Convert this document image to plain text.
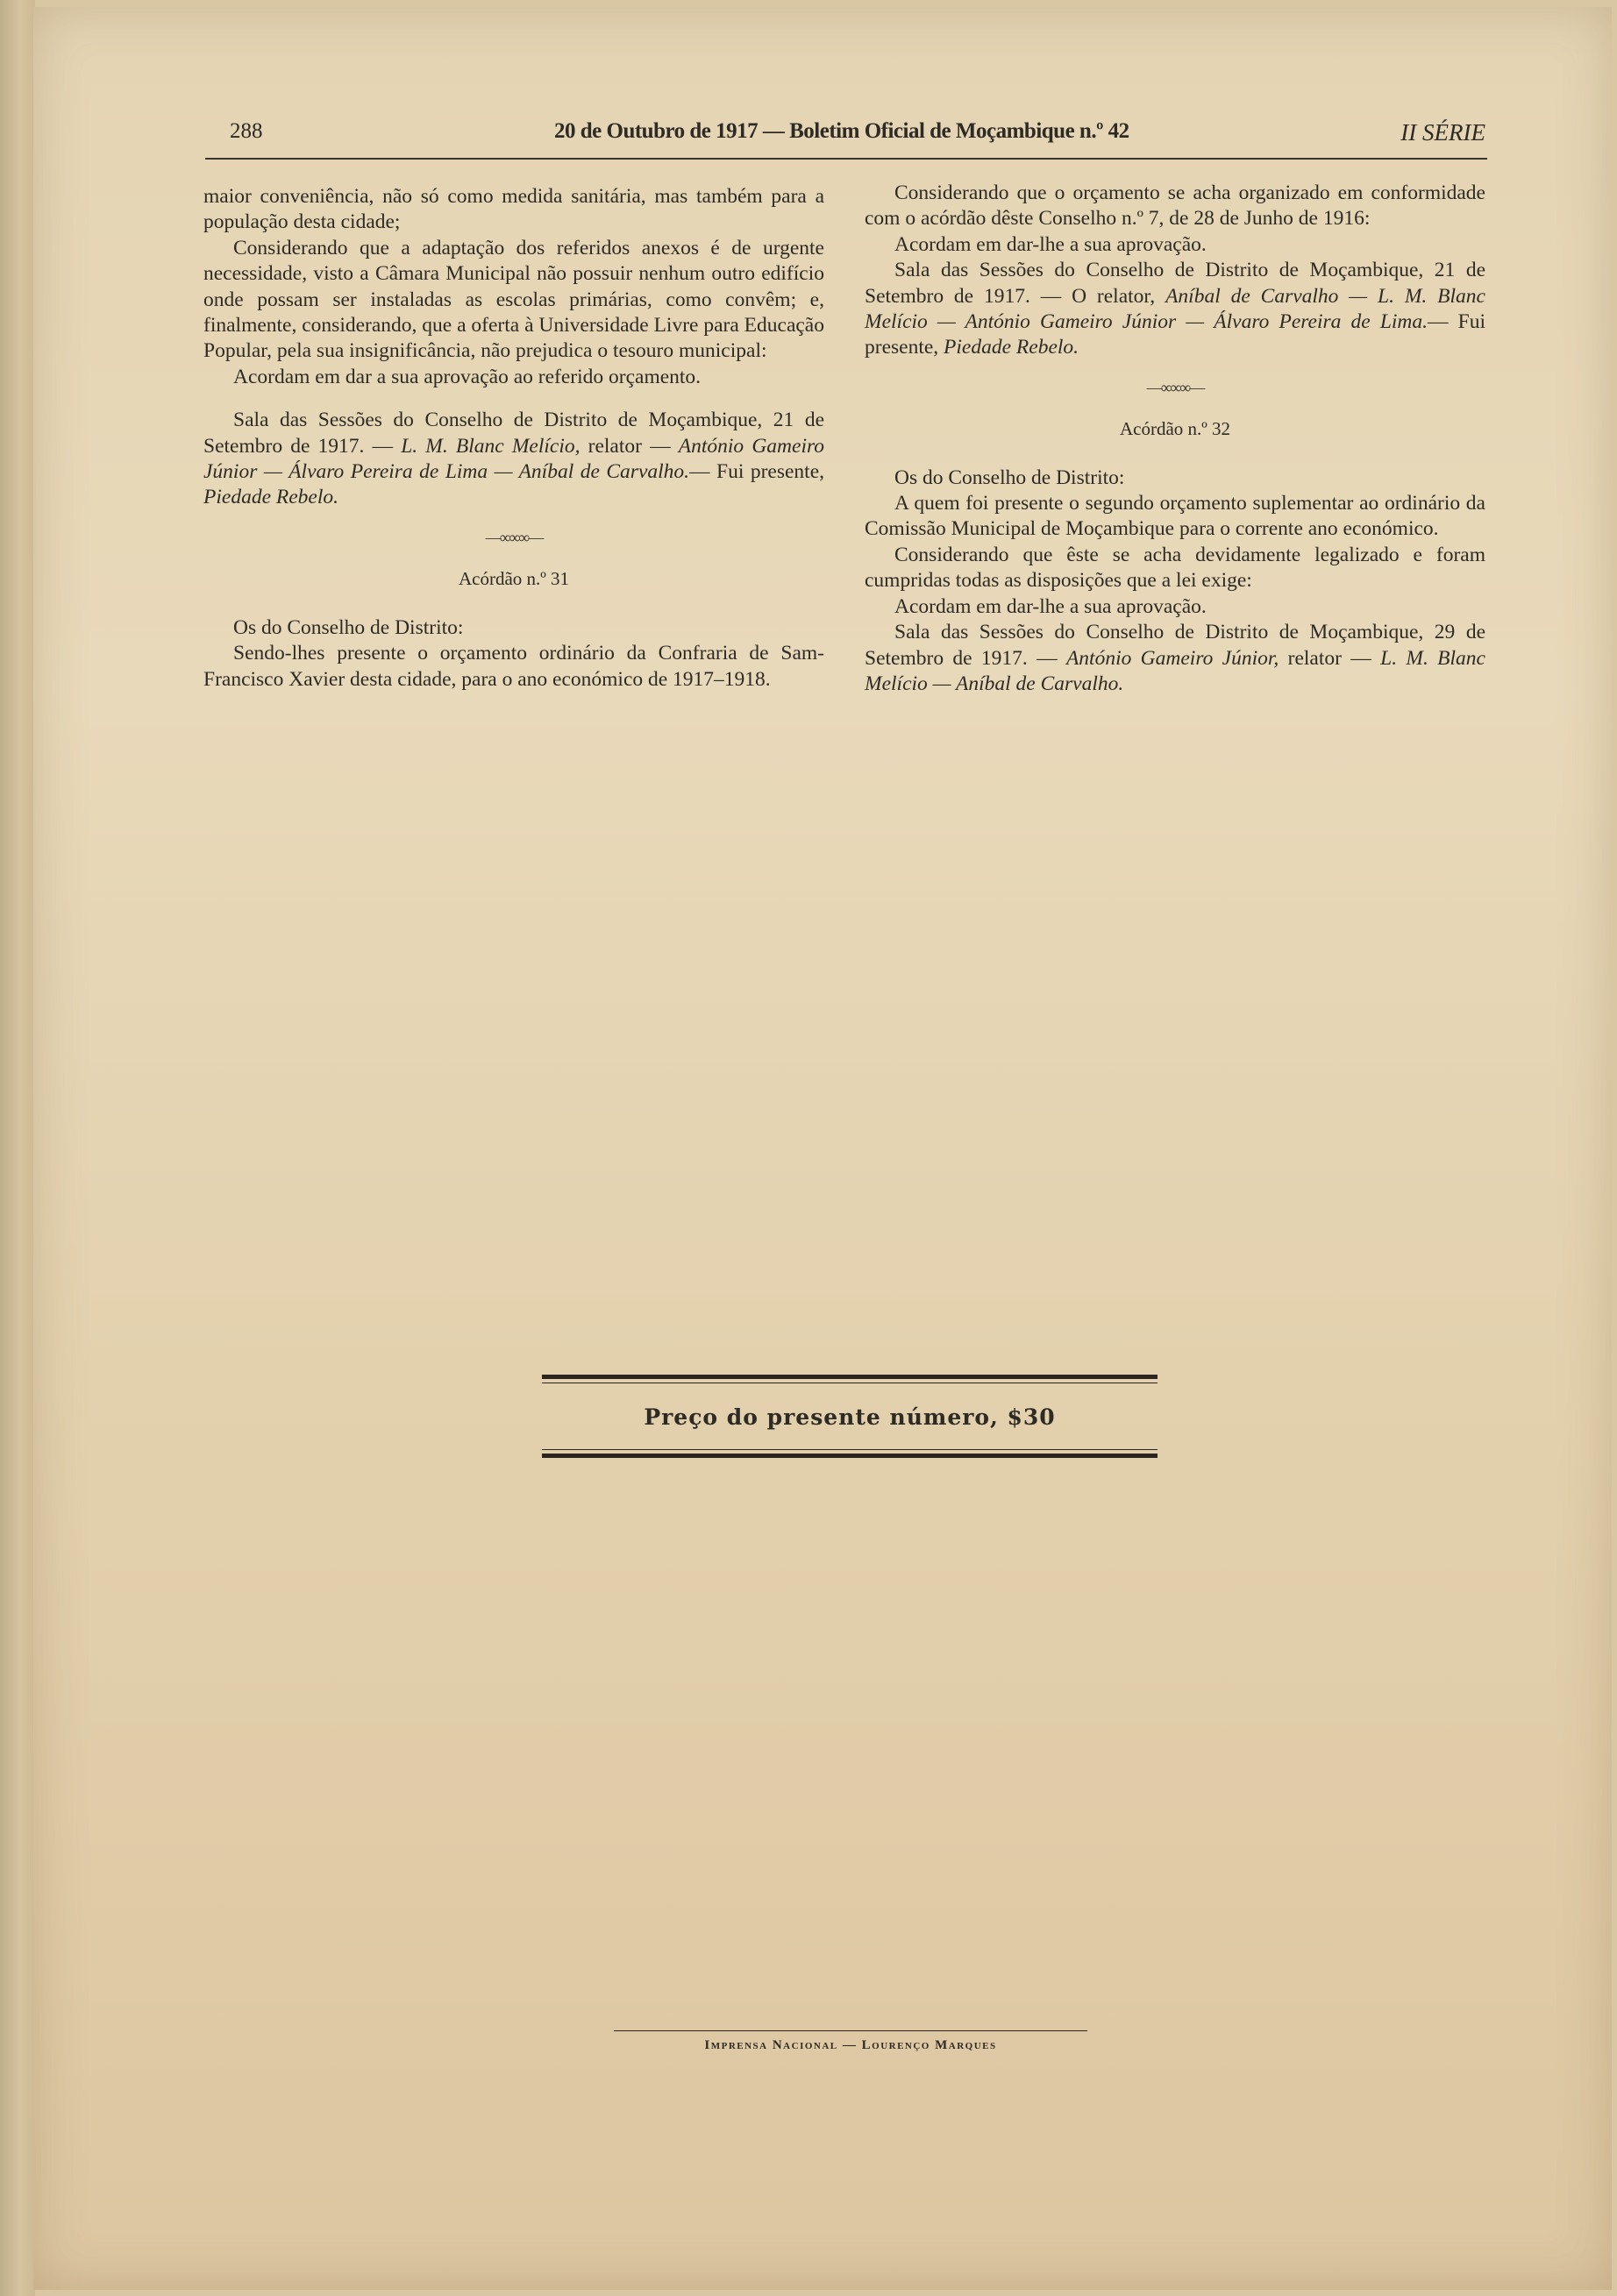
288	20 de Outubro de 1917 — Boletim Oficial de Moçambique n.º 42	II SÉRIE

maior conveniência, não só como medida sanitária, mas também para a população desta cidade;

Considerando que a adaptação dos referidos anexos é de urgente necessidade, visto a Câmara Municipal não possuir nenhum outro edifício onde possam ser instaladas as escolas primárias, como convêm; e, finalmente, considerando, que a oferta à Universidade Livre para Educação Popular, pela sua insignificância, não prejudica o tesouro municipal:

Acordam em dar a sua aprovação ao referido orçamento.

Sala das Sessões do Conselho de Distrito de Moçambique, 21 de Setembro de 1917. — L. M. Blanc Melício, relator — António Gameiro Júnior — Álvaro Pereira de Lima — Aníbal de Carvalho.— Fui presente, Piedade Rebelo.

—∞∞∞—

Acórdão n.º 31

Os do Conselho de Distrito:

Sendo-lhes presente o orçamento ordinário da Confraria de Sam-Francisco Xavier desta cidade, para o ano económico de 1917–1918.

Considerando que o orçamento se acha organizado em conformidade com o acórdão dêste Conselho n.º 7, de 28 de Junho de 1916:

Acordam em dar-lhe a sua aprovação.

Sala das Sessões do Conselho de Distrito de Moçambique, 21 de Setembro de 1917. — O relator, Aníbal de Carvalho — L. M. Blanc Melício — António Gameiro Júnior — Álvaro Pereira de Lima.— Fui presente, Piedade Rebelo.

—∞∞∞—

Acórdão n.º 32

Os do Conselho de Distrito:

A quem foi presente o segundo orçamento suplementar ao ordinário da Comissão Municipal de Moçambique para o corrente ano económico.

Considerando que êste se acha devidamente legalizado e foram cumpridas todas as disposições que a lei exige:

Acordam em dar-lhe a sua aprovação.

Sala das Sessões do Conselho de Distrito de Moçambique, 29 de Setembro de 1917. — António Gameiro Júnior, relator — L. M. Blanc Melício — Aníbal de Carvalho.

Preço do presente número, $30
Imprensa Nacional — Lourenço Marques
